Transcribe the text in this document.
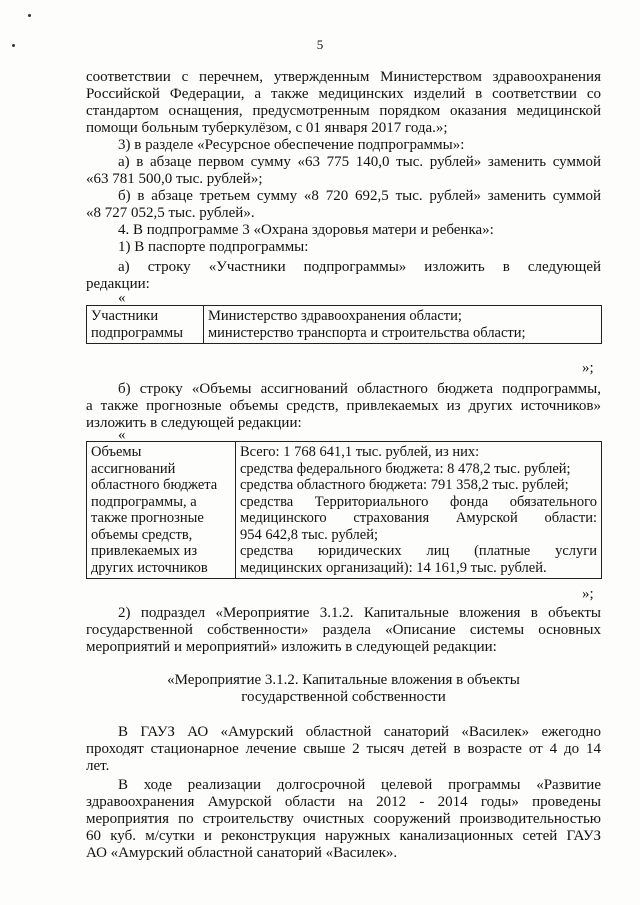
5
соответствии с перечнем, утвержденным Министерством здравоохранения
Российской Федерации, а также медицинских изделий в соответствии со
стандартом оснащения, предусмотренным порядком оказания медицинской
помощи больным туберкулёзом, с 01 января 2017 года.»;
3) в разделе «Ресурсное обеспечение подпрограммы»:
а) в абзаце первом сумму «63 775 140,0 тыс. рублей» заменить суммой
«63 781 500,0 тыс. рублей»;
б) в абзаце третьем сумму «8 720 692,5 тыс. рублей» заменить суммой
«8 727 052,5 тыс. рублей».
4. В подпрограмме 3 «Охрана здоровья матери и ребенка»:
1) В паспорте подпрограммы:
а) строку «Участники подпрограммы» изложить в следующей
редакции:
«
Участники
подпрограммы

Министерство здравоохранения области;
министерство транспорта и строительства области;
»;
б) строку «Объемы ассигнований областного бюджета подпрограммы,
а также прогнозные объемы средств, привлекаемых из других источников»
изложить в следующей редакции:
«
Объемы
ассигнований
областного бюджета
подпрограммы, а
также прогнозные
объемы средств,
привлекаемых из
других источников

Всего: 1 768 641,1 тыс. рублей, из них:
средства федерального бюджета: 8 478,2 тыс. рублей;
средства областного бюджета: 791 358,2 тыс. рублей;
средства Территориального фонда обязательного
медицинского страхования Амурской области:
954 642,8 тыс. рублей;
средства юридических лиц (платные услуги
медицинских организаций): 14 161,9 тыс. рублей.
»;
2) подраздел «Мероприятие 3.1.2. Капитальные вложения в объекты
государственной собственности» раздела «Описание системы основных
мероприятий и мероприятий» изложить в следующей редакции:
«Мероприятие 3.1.2. Капитальные вложения в объекты
государственной собственности
В ГАУЗ АО «Амурский областной санаторий «Василек» ежегодно
проходят стационарное лечение свыше 2 тысяч детей в возрасте от 4 до 14
лет.
В ходе реализации долгосрочной целевой программы «Развитие
здравоохранения Амурской области на 2012 - 2014 годы» проведены
мероприятия по строительству очистных сооружений производительностью
60 куб. м/сутки и реконструкция наружных канализационных сетей ГАУЗ
АО «Амурский областной санаторий «Василек».
